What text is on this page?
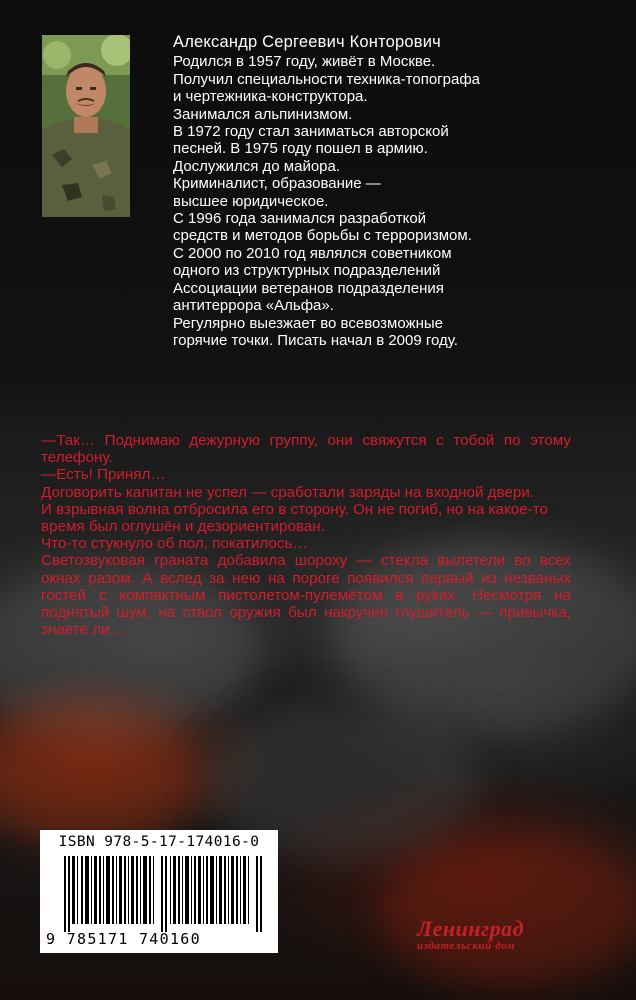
Александр Сергеевич Конторович
Родился в 1957 году, живёт в Москве.
Получил специальности техника-топографа
и чертежника-конструктора.
Занимался альпинизмом.
В 1972 году стал заниматься авторской
песней. В 1975 году пошел в армию.
Дослужился до майора.
Криминалист, образование —
высшее юридическое.
С 1996 года занимался разработкой
средств и методов борьбы с терроризмом.
С 2000 по 2010 год являлся советником
одного из структурных подразделений
Ассоциации ветеранов подразделения
антитеррора «Альфа».
Регулярно выезжает во всевозможные
горячие точки. Писать начал в 2009 году.
—Так… Поднимаю дежурную группу, они свяжутся с тобой по этому
телефону.
—Есть! Принял…
Договорить капитан не успел — сработали заряды на входной двери.
И взрывная волна отбросила его в сторону. Он не погиб, но на какое-то
время был оглушён и дезориентирован.
Что-то стукнуло об пол, покатилось…
Светозвуковая граната добавила шороху — стекла вылетели во всех
окнах разом. А вслед за нею на пороге появился первый из незваных
гостей с компактным пистолетом-пулемётом в руках. Несмотря на
поднятый шум, на ствол оружия был накручен глушитель — привычка,
знаете ли…
ISBN 978-5-17-174016-0
9 785171 740160	Ленинград
издательский дом
